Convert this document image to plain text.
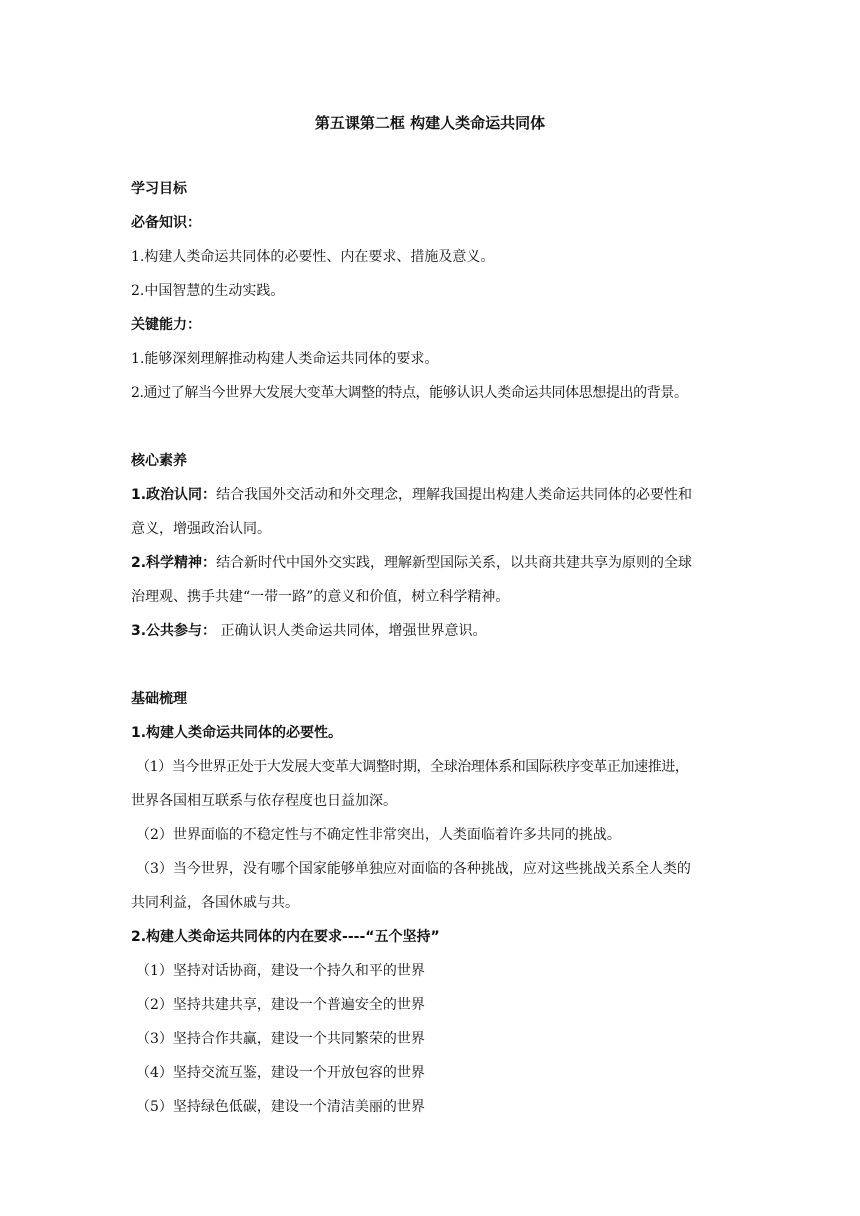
第五课第二框 构建人类命运共同体
学习目标
必备知识：
1.构建人类命运共同体的必要性、内在要求、措施及意义。
2.中国智慧的生动实践。
关键能力：
1.能够深刻理解推动构建人类命运共同体的要求。
2.通过了解当今世界大发展大变革大调整的特点，能够认识人类命运共同体思想提出的背景。
核心素养
1.政治认同：结合我国外交活动和外交理念，理解我国提出构建人类命运共同体的必要性和
意义，增强政治认同。
2.科学精神：结合新时代中国外交实践，理解新型国际关系，以共商共建共享为原则的全球
治理观、携手共建“一带一路”的意义和价值，树立科学精神。
3.公共参与： 正确认识人类命运共同体，增强世界意识。
基础梳理
1.构建人类命运共同体的必要性。
（1）当今世界正处于大发展大变革大调整时期，全球治理体系和国际秩序变革正加速推进，
世界各国相互联系与依存程度也日益加深。
（2）世界面临的不稳定性与不确定性非常突出，人类面临着许多共同的挑战。
（3）当今世界，没有哪个国家能够单独应对面临的各种挑战，应对这些挑战关系全人类的
共同利益，各国休戚与共。
2.构建人类命运共同体的内在要求----“五个坚持”
（1）坚持对话协商，建设一个持久和平的世界
（2）坚持共建共享，建设一个普遍安全的世界
（3）坚持合作共赢，建设一个共同繁荣的世界
（4）坚持交流互鉴，建设一个开放包容的世界
（5）坚持绿色低碳，建设一个清洁美丽的世界
